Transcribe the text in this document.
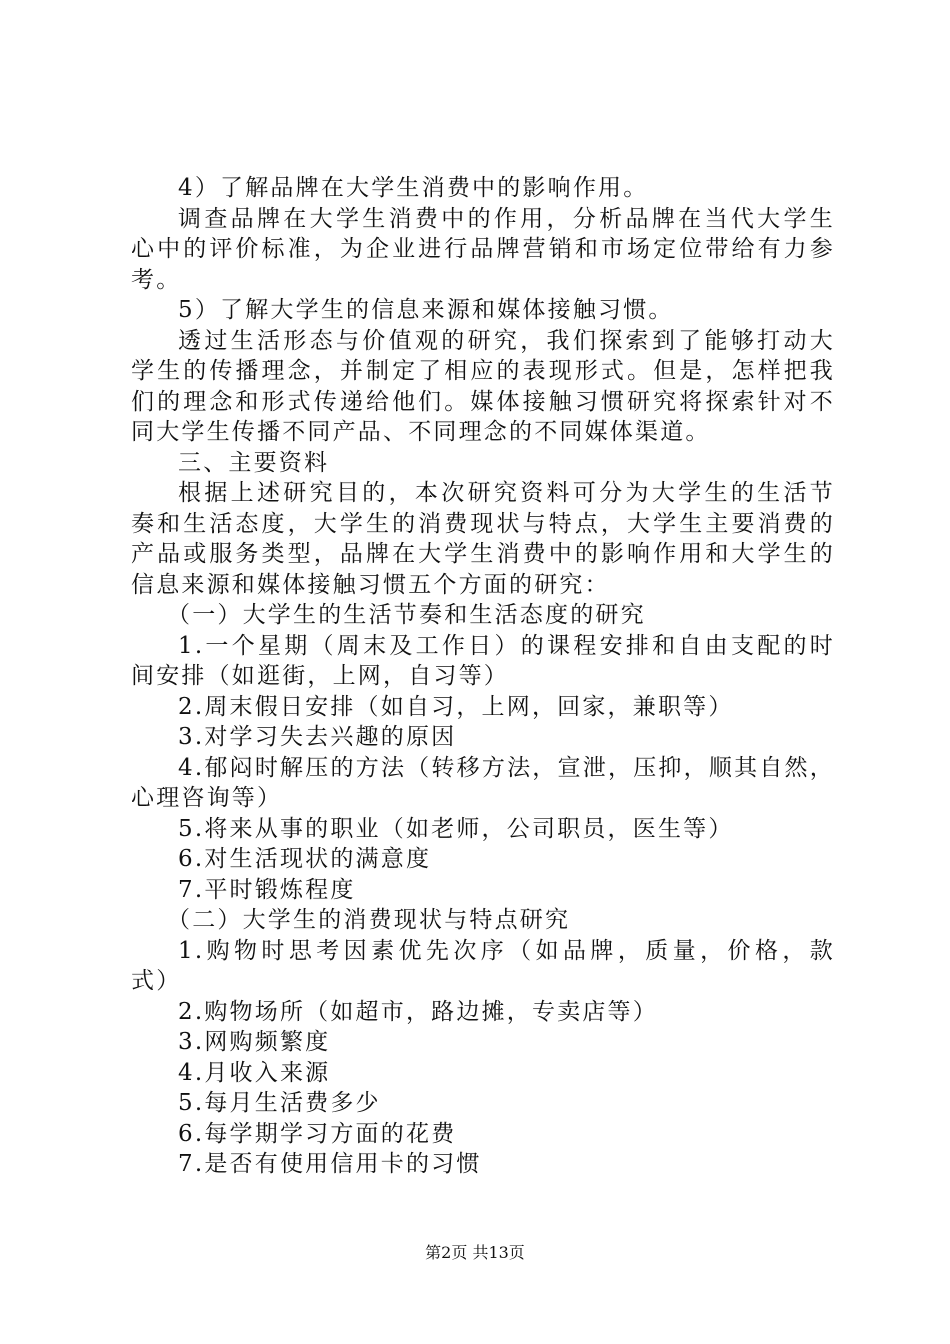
4）了解品牌在大学生消费中的影响作用。
调查品牌在大学生消费中的作用，分析品牌在当代大学生
心中的评价标准，为企业进行品牌营销和市场定位带给有力参
考。
5）了解大学生的信息来源和媒体接触习惯。
透过生活形态与价值观的研究，我们探索到了能够打动大
学生的传播理念，并制定了相应的表现形式。但是，怎样把我
们的理念和形式传递给他们。媒体接触习惯研究将探索针对不
同大学生传播不同产品、不同理念的不同媒体渠道。
三、主要资料
根据上述研究目的，本次研究资料可分为大学生的生活节
奏和生活态度，大学生的消费现状与特点，大学生主要消费的
产品或服务类型，品牌在大学生消费中的影响作用和大学生的
信息来源和媒体接触习惯五个方面的研究：
（一）大学生的生活节奏和生活态度的研究
1.一个星期（周末及工作日）的课程安排和自由支配的时
间安排（如逛街，上网，自习等）
2.周末假日安排（如自习，上网，回家，兼职等）
3.对学习失去兴趣的原因
4.郁闷时解压的方法（转移方法，宣泄，压抑，顺其自然，
心理咨询等）
5.将来从事的职业（如老师，公司职员，医生等）
6.对生活现状的满意度
7.平时锻炼程度
（二）大学生的消费现状与特点研究
1.购物时思考因素优先次序（如品牌，质量，价格，款
式）
2.购物场所（如超市，路边摊，专卖店等）
3.网购频繁度
4.月收入来源
5.每月生活费多少
6.每学期学习方面的花费
7.是否有使用信用卡的习惯
第2页 共13页
